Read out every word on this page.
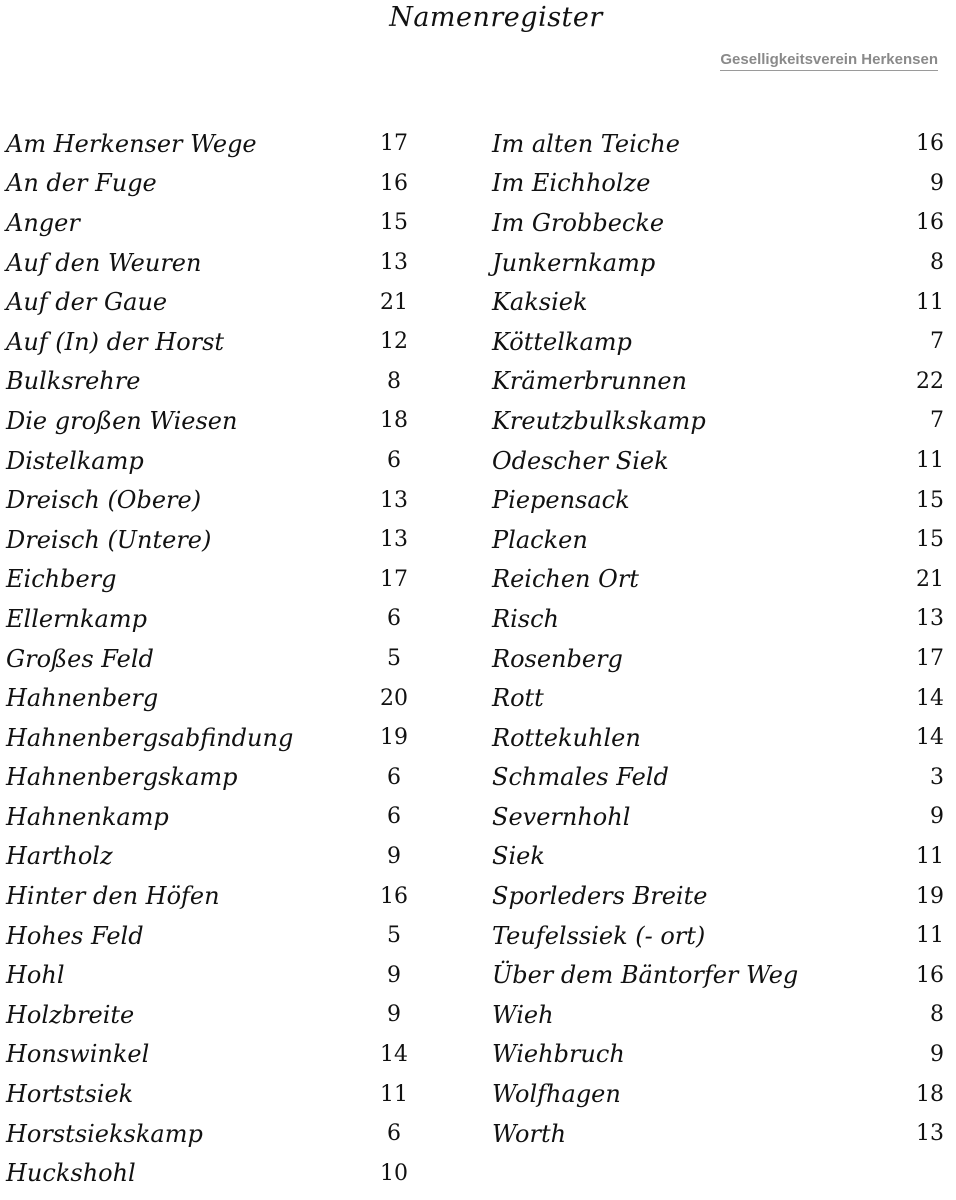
Namenregister
Geselligkeitsverein Herkensen
Am Herkenser Wege	17
An der Fuge	16
Anger	15
Auf den Weuren	13
Auf der Gaue	21
Auf (In) der Horst	12
Bulksrehre	8
Die großen Wiesen	18
Distelkamp	6
Dreisch (Obere)	13
Dreisch (Untere)	13
Eichberg	17
Ellernkamp	6
Großes Feld	5
Hahnenberg	20
Hahnenbergsabfindung	19
Hahnenbergskamp	6
Hahnenkamp	6
Hartholz	9
Hinter den Höfen	16
Hohes Feld	5
Hohl	9
Holzbreite	9
Honswinkel	14
Hortstsiek	11
Horstsiekskamp	6
Huckshohl	10
Im alten Teiche	16
Im Eichholze	9
Im Grobbecke	16
Junkernkamp	8
Kaksiek	11
Köttelkamp	7
Krämerbrunnen	22
Kreutzbulkskamp	7
Odescher Siek	11
Piepensack	15
Placken	15
Reichen Ort	21
Risch	13
Rosenberg	17
Rott	14
Rottekuhlen	14
Schmales Feld	3
Severnhohl	9
Siek	11
Sporleders Breite	19
Teufelssiek (- ort)	11
Über dem Bäntorfer Weg	16
Wieh	8
Wiehbruch	9
Wolfhagen	18
Worth	13
